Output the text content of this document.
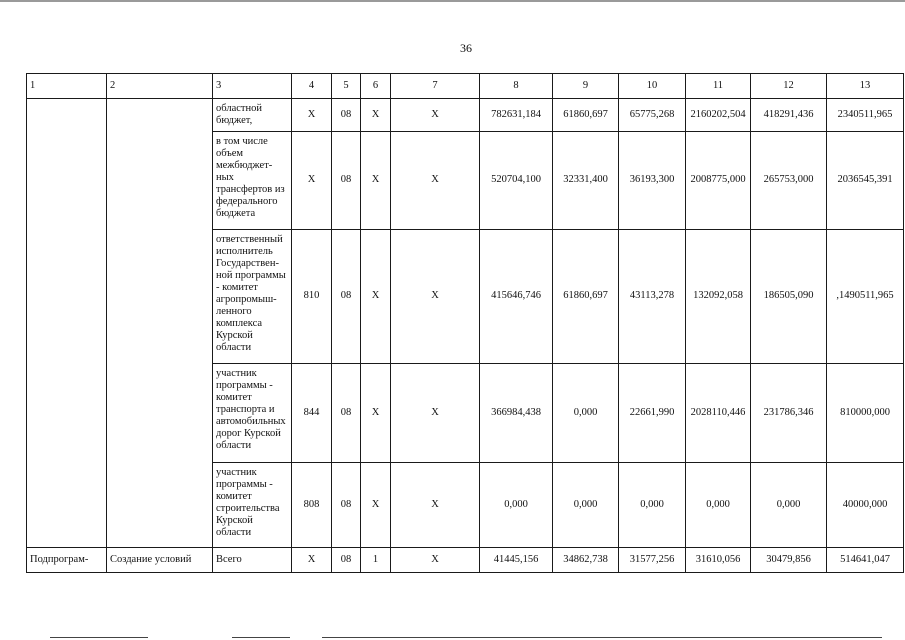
36
1	2	3	4	5	6	7	8	9	10	11	12	13
		областной бюджет,	X	08	X	X	782631,184	61860,697	65775,268	2160202,504	418291,436	2340511,965
		в том числе объем межбюджет-ных трансфертов из федерального бюджета	X	08	X	X	520704,100	32331,400	36193,300	2008775,000	265753,000	2036545,391
		ответственный исполнитель Государствен-ной программы - комитет агропромыш-ленного комплекса Курской области	810	08	X	X	415646,746	61860,697	43113,278	132092,058	186505,090	,1490511,965
		участник программы - комитет транспорта и автомобильных дорог Курской области	844	08	X	X	366984,438	0,000	22661,990	2028110,446	231786,346	810000,000
		участник программы - комитет строительства Курской области	808	08	X	X	0,000	0,000	0,000	0,000	0,000	40000,000
Подпрограм-	Создание условий	Всего	X	08	1	X	41445,156	34862,738	31577,256	31610,056	30479,856	514641,047
